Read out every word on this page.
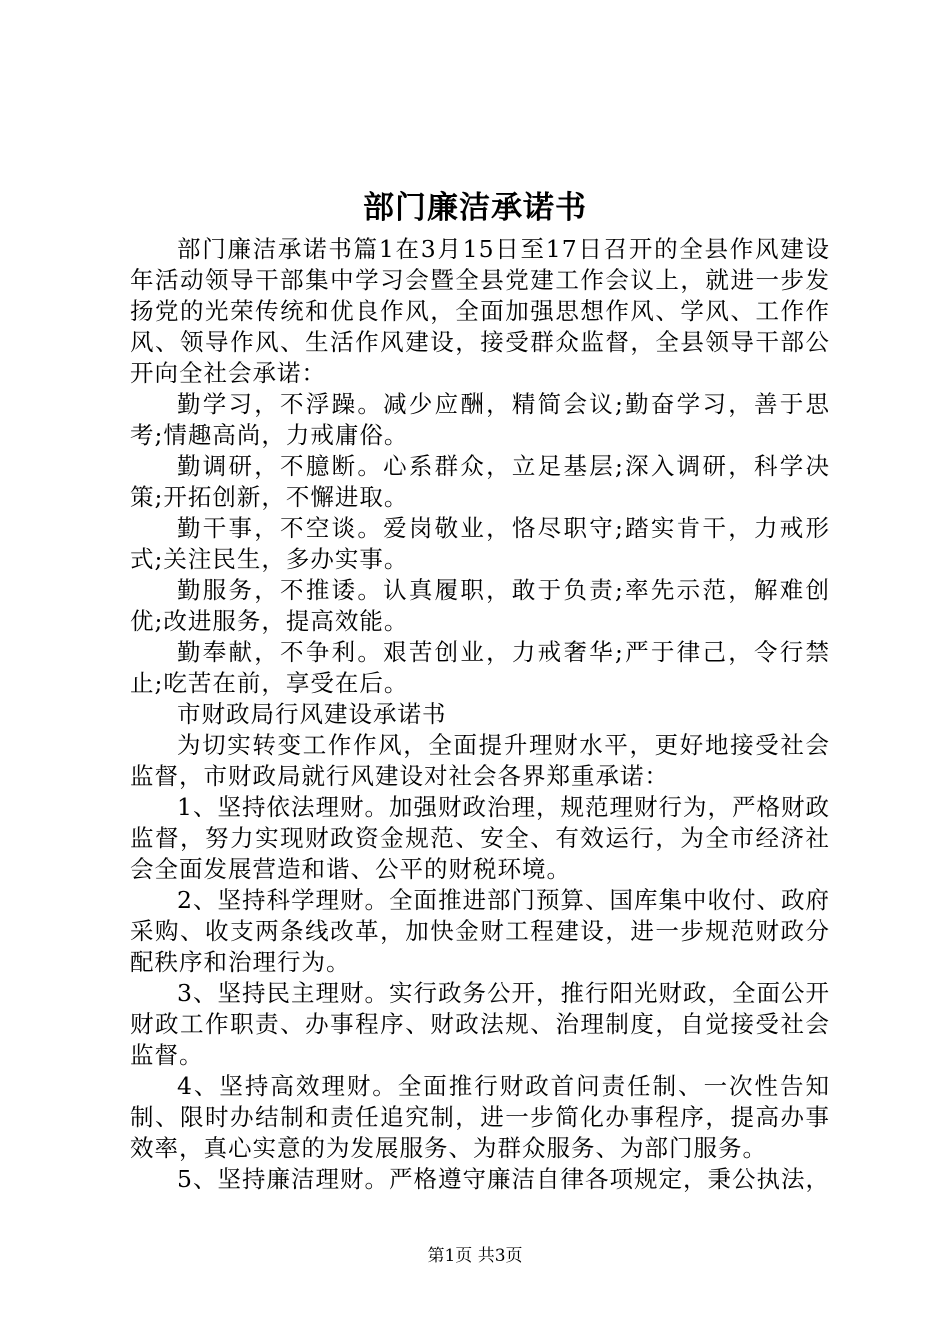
部门廉洁承诺书

部门廉洁承诺书篇1在3月15日至17日召开的全县作风建设年活动领导干部集中学习会暨全县党建工作会议上，就进一步发扬党的光荣传统和优良作风，全面加强思想作风、学风、工作作风、领导作风、生活作风建设，接受群众监督，全县领导干部公开向全社会承诺：

勤学习，不浮躁。减少应酬，精简会议;勤奋学习，善于思考;情趣高尚，力戒庸俗。

勤调研，不臆断。心系群众，立足基层;深入调研，科学决策;开拓创新，不懈进取。

勤干事，不空谈。爱岗敬业，恪尽职守;踏实肯干，力戒形式;关注民生，多办实事。

勤服务，不推诿。认真履职，敢于负责;率先示范，解难创优;改进服务，提高效能。

勤奉献，不争利。艰苦创业，力戒奢华;严于律己，令行禁止;吃苦在前，享受在后。

市财政局行风建设承诺书

为切实转变工作作风，全面提升理财水平，更好地接受社会监督，市财政局就行风建设对社会各界郑重承诺：

1、坚持依法理财。加强财政治理，规范理财行为，严格财政监督，努力实现财政资金规范、安全、有效运行，为全市经济社会全面发展营造和谐、公平的财税环境。

2、坚持科学理财。全面推进部门预算、国库集中收付、政府采购、收支两条线改革，加快金财工程建设，进一步规范财政分配秩序和治理行为。

3、坚持民主理财。实行政务公开，推行阳光财政，全面公开财政工作职责、办事程序、财政法规、治理制度，自觉接受社会监督。

4、坚持高效理财。全面推行财政首问责任制、一次性告知制、限时办结制和责任追究制，进一步简化办事程序，提高办事效率，真心实意的为发展服务、为群众服务、为部门服务。

5、坚持廉洁理财。严格遵守廉洁自律各项规定，秉公执法，

第1页 共3页
